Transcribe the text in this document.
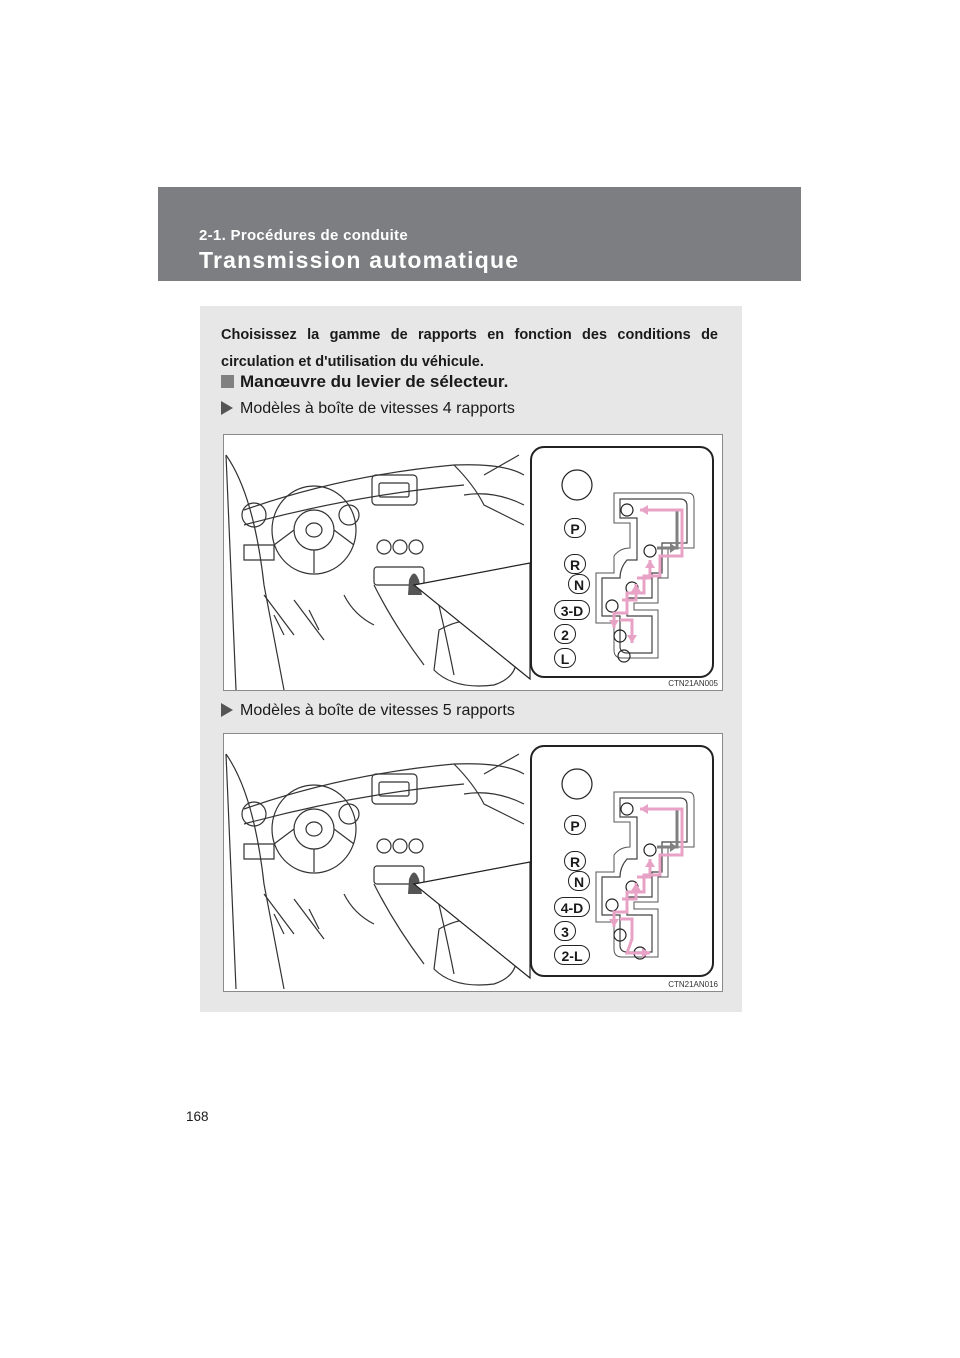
2-1. Procédures de conduite
Transmission automatique
Choisissez la gamme de rapports en fonction des conditions de circulation et d'utilisation du véhicule.
Manœuvre du levier de sélecteur.
Modèles à boîte de vitesses 4 rapports
P
R
N
3-D
2
L
CTN21AN005
Modèles à boîte de vitesses 5 rapports
P
R
N
4-D
3
2-L
CTN21AN016
168
